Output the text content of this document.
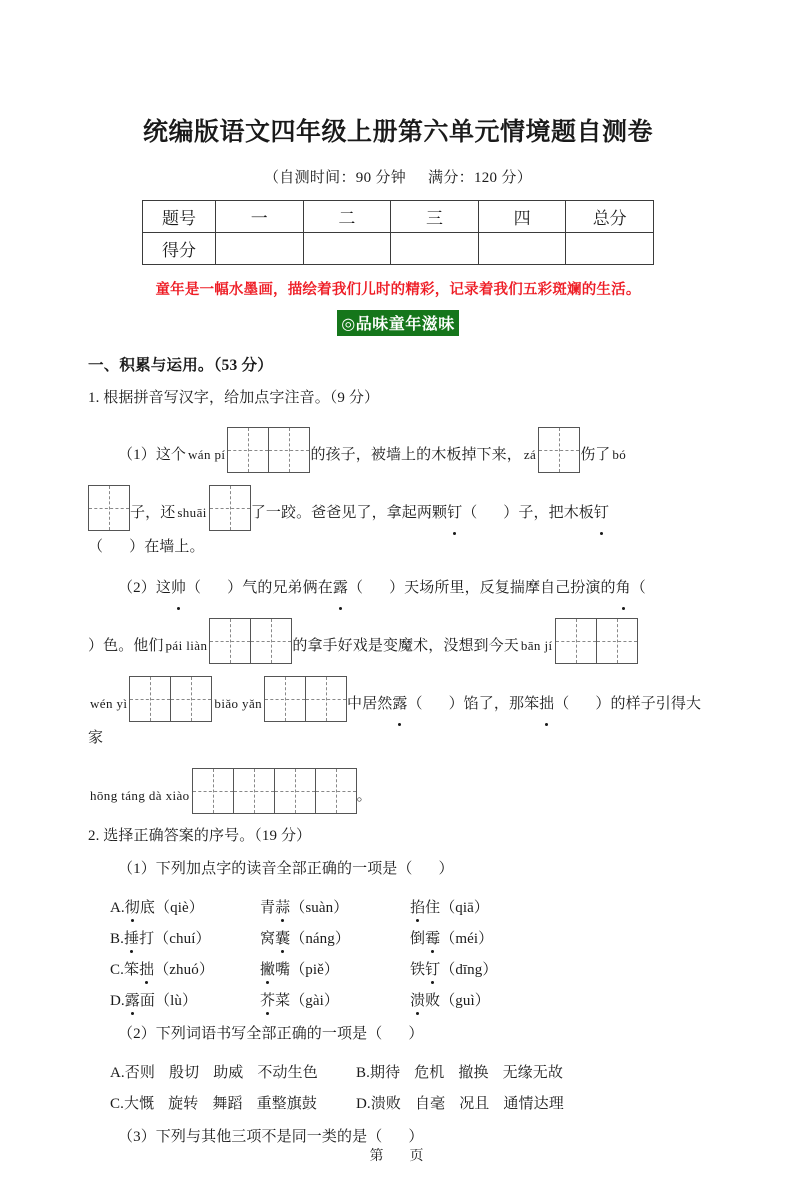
统编版语文四年级上册第六单元情境题自测卷
（自测时间：90 分钟 满分：120 分）
题号	一	二	三	四	总分
得分					
童年是一幅水墨画，描绘着我们儿时的精彩，记录着我们五彩斑斓的生活。
◎品味童年滋味
一、积累与运用。（53 分）
1. 根据拼音写汉字，给加点字注音。（9 分）
（1）这个 wán pí	的孩子，被墙上的木板掉下来， zá	伤了 bó

子，还 shuāi	了一跤。爸爸见了，拿起两颗钉（ ）子，把木板钉
（ ）在墙上。
（2）这帅（ ）气的兄弟俩在露（ ）天场所里，反复揣摩自己扮演的角（
）色。他们 pái liàn	的拿手好戏是变魔术，没想到今天 bān jí

wén yì	biǎo yǎn	中居然露（ ）馅了，那笨拙（ ）的样子引得大家
hōng táng dà xiào	。
2. 选择正确答案的序号。（19 分）
（1）下列加点字的读音全部正确的一项是（ ）
A.彻底（qiè）	青蒜（suàn）	掐住（qiā）
B.捶打（chuí）	窝囊（náng）	倒霉（méi）
C.笨拙（zhuó）	撇嘴（piě）	铁钉（dīng）
D.露面（lù）	芥菜（gài）	溃败（guì）
（2）下列词语书写全部正确的一项是（ ）
A.否则 殷切 助威 不动生色	B.期待 危机 撤换 无缘无故
C.大慨 旋转 舞蹈 重整旗鼓	D.溃败 自毫 况且 通情达理
（3）下列与其他三项不是同一类的是（ ）
第 页
